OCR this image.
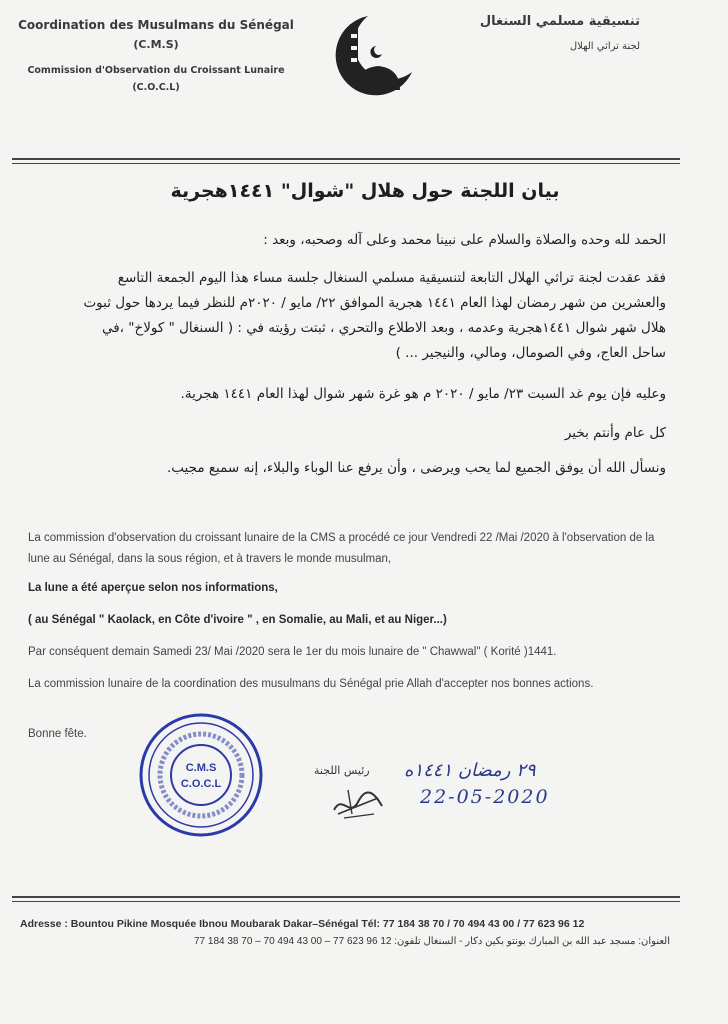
Coordination des Musulmans du Sénégal
(C.M.S)
Commission d'Observation du Croissant Lunaire
(C.O.C.L)
تنسيقية مسلمي السنغال
لجنة تراثي الهلال
بيان اللجنة حول هلال "شوال" ١٤٤١هجرية
الحمد لله وحده والصلاة والسلام على نبينا محمد وعلى آله وصحبه، وبعد :
فقد عقدت لجنة تراثي الهلال التابعة لتنسيقية مسلمي السنغال جلسة مساء هذا اليوم الجمعة التاسع والعشرين من شهر رمضان لهذا العام ١٤٤١ هجرية الموافق ٢٢/ مايو / ٢٠٢٠م للنظر فيما يردها حول ثبوت هلال شهر شوال ١٤٤١هجرية وعدمه ، وبعد الاطلاع والتحري ، ثبتت رؤيته في : ( السنغال " كولاخ" ،في ساحل العاج، وفي الصومال، ومالي، والنيجير ... )
وعليه فإن يوم غد السبت ٢٣/ مايو / ٢٠٢٠ م هو غرة شهر شوال لهذا العام ١٤٤١ هجرية.
كل عام وأنتم بخير
ونسأل الله أن يوفق الجميع لما يحب ويرضى ، وأن يرفع عنا الوباء والبلاء، إنه سميع مجيب.
La commission d'observation du croissant lunaire de la CMS a procédé ce jour Vendredi 22 /Mai /2020 à l'observation de la lune au Sénégal, dans la sous région, et à travers le monde musulman,
La lune a été aperçue selon nos informations,
( au Sénégal " Kaolack, en Côte d'ivoire " , en Somalie, au Mali, et au Niger...)
Par conséquent demain Samedi 23/ Mai /2020 sera le 1er du mois lunaire de " Chawwal" ( Korité )1441.
La commission lunaire de la coordination des musulmans du Sénégal prie Allah d'accepter nos bonnes actions.
Bonne fête.
C.M.S
C.O.C.L
رئيس اللجنة ٢٩ رمضان ١٤٤١ه
22-05-2020
Adresse : Bountou Pikine Mosquée Ibnou Moubarak Dakar–Sénégal Tél: 77 184 38 70 / 70 494 43 00 / 77 623 96 12
العنوان: مسجد عبد الله بن المبارك بونتو بكين دكار - السنغال تلفون: 12 96 623 77 – 00 43 494 70 – 70 38 184 77
